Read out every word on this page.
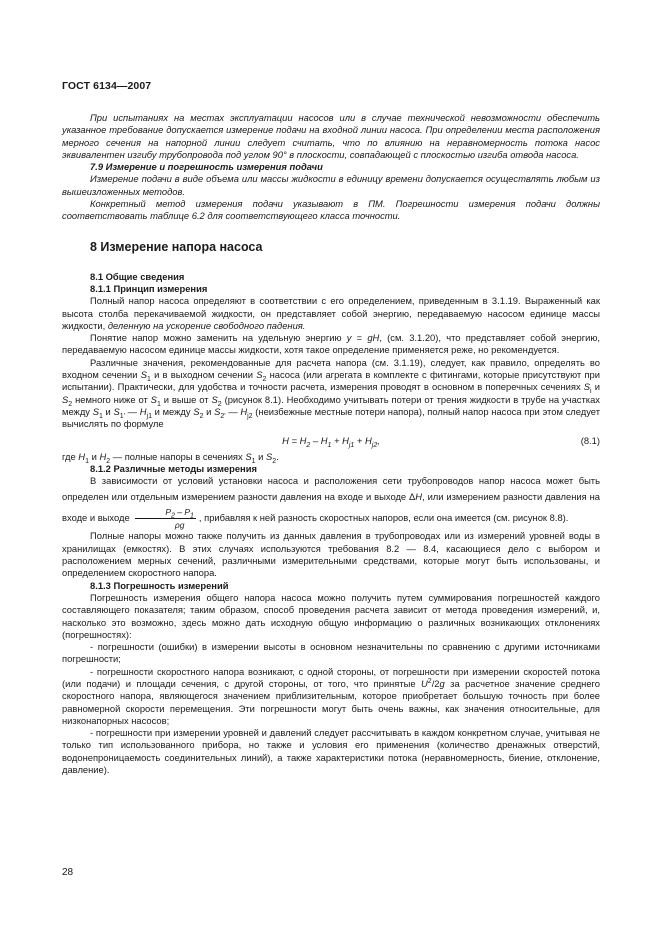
ГОСТ 6134—2007

При испытаниях на местах эксплуатации насосов или в случае технической невозможности обеспечить указанное требование допускается измерение подачи на входной линии насоса. При определении места расположения мерного сечения на напорной линии следует считать, что по влиянию на неравномерность потока насос эквивалентен изгибу трубопровода под углом 90° в плоскости, совпадающей с плоскостью изгиба отвода насоса.

7.9 Измерение и погрешность измерения подачи

Измерение подачи в виде объема или массы жидкости в единицу времени допускается осуществлять любым из вышеизложенных методов.

Конкретный метод измерения подачи указывают в ПМ. Погрешности измерения подачи должны соответствовать таблице 6.2 для соответствующего класса точности.

8 Измерение напора насоса

8.1 Общие сведения

8.1.1 Принцип измерения

Полный напор насоса определяют в соответствии с его определением, приведенным в 3.1.19. Выраженный как высота столба перекачиваемой жидкости, он представляет собой энергию, передаваемую насосом единице массы жидкости, деленную на ускорение свободного падения.

Понятие напор можно заменить на удельную энергию y = gH, (см. 3.1.20), что представляет собой энергию, передаваемую насосом единице массы жидкости, хотя такое определение применяется реже, но рекомендуется.

Различные значения, рекомендованные для расчета напора (см. 3.1.19), следует, как правило, определять во входном сечении $S_1$ и в выходном сечении $S_2$ насоса (или агрегата в комплекте с фитингами, которые присутствуют при испытании). Практически, для удобства и точности расчета, измерения проводят в основном в поперечных сечениях $S_i$ и $S_2$ немного ниже от $S_1$ и выше от $S_2$ (рисунок 8.1). Необходимо учитывать потери от трения жидкости в трубе на участках между $S_1$ и $S_{1'}$ — $H_{j1}$ и между $S_2$ и $S_{2'}$ — $H_{j2}$ (неизбежные местные потери напора), полный напор насоса при этом следует вычислять по формуле

$H = H_2 - H_1 + H_{j1} + H_{j2}$,	(8.1)

где $H_1$ и $H_2$ — полные напоры в сечениях $S_1$ и $S_2$.

8.1.2 Различные методы измерения

В зависимости от условий установки насоса и расположения сети трубопроводов напор насоса может быть определен или отдельным измерением разности давления на входе и выходе ΔH, или измерением разности давления на входе и выходе $\frac{P_2 - P_1}{\rho g}$ , прибавляя к ней разность скоростных напоров, если она имеется (см. рисунок 8.8).

Полные напоры можно также получить из данных давления в трубопроводах или из измерений уровней воды в хранилищах (емкостях). В этих случаях используются требования 8.2 — 8.4, касающиеся дело с выбором и расположением мерных сечений, различными измерительными средствами, которые могут быть использованы, и определением скоростного напора.

8.1.3 Погрешность измерений

Погрешность измерения общего напора насоса можно получить путем суммирования погрешностей каждого составляющего показателя; таким образом, способ проведения расчета зависит от метода проведения измерений, и, насколько это возможно, здесь можно дать исходную общую информацию о различных возникающих отклонениях (погрешностях):

- погрешности (ошибки) в измерении высоты в основном незначительны по сравнению с другими источниками погрешности;

- погрешности скоростного напора возникают, с одной стороны, от погрешности при измерении скоростей потока (или подачи) и площади сечения, с другой стороны, от того, что принятые $U^2/2g$ за расчетное значение среднего скоростного напора, являющегося значением приблизительным, которое приобретает большую точность при более равномерной скорости перемещения. Эти погрешности могут быть очень важны, как значения относительные, для низконапорных насосов;

- погрешности при измерении уровней и давлений следует рассчитывать в каждом конкретном случае, учитывая не только тип использованного прибора, но также и условия его применения (количество дренажных отверстий, водонепроницаемость соединительных линий), а также характеристики потока (неравномерность, биение, отклонение, давление).

28
